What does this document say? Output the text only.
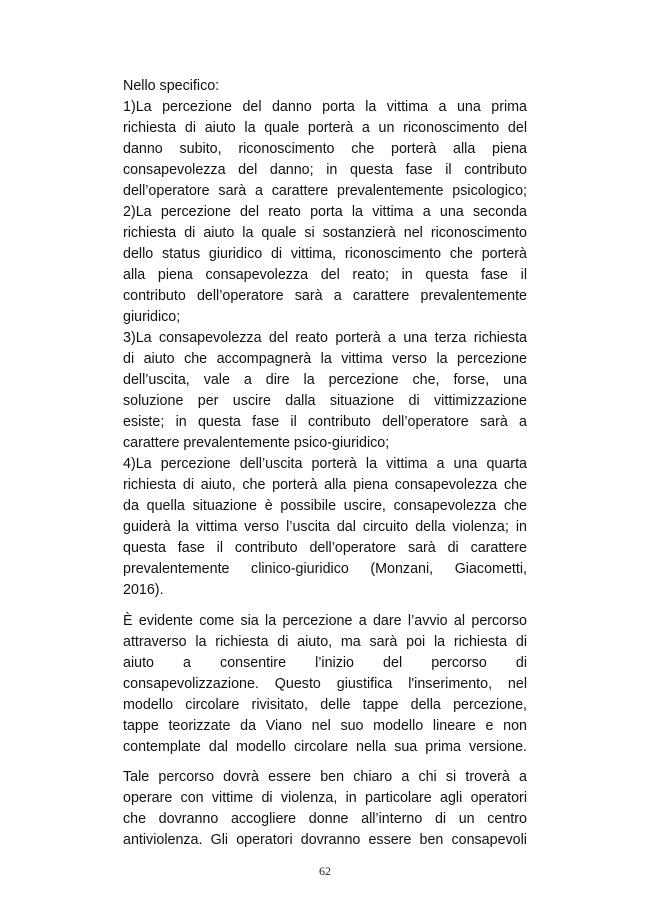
Nello specifico:
1)La percezione del danno porta la vittima a una prima
richiesta di aiuto la quale porterà a un riconoscimento del
danno subito, riconoscimento che porterà alla piena
consapevolezza del danno; in questa fase il contributo
dell’operatore sarà a carattere prevalentemente psicologico;
2)La percezione del reato porta la vittima a una seconda
richiesta di aiuto la quale si sostanzierà nel riconoscimento
dello status giuridico di vittima, riconoscimento che porterà
alla piena consapevolezza del reato; in questa fase il
contributo dell’operatore sarà a carattere prevalentemente
giuridico;
3)La consapevolezza del reato porterà a una terza richiesta
di aiuto che accompagnerà la vittima verso la percezione
dell’uscita, vale a dire la percezione che, forse, una
soluzione per uscire dalla situazione di vittimizzazione
esiste; in questa fase il contributo dell’operatore sarà a
carattere prevalentemente psico-giuridico;
4)La percezione dell’uscita porterà la vittima a una quarta
richiesta di aiuto, che porterà alla piena consapevolezza che
da quella situazione è possibile uscire, consapevolezza che
guiderà la vittima verso l’uscita dal circuito della violenza; in
questa fase il contributo dell’operatore sarà di carattere
prevalentemente clinico-giuridico (Monzani, Giacometti,
2016).
È evidente come sia la percezione a dare l’avvio al percorso
attraverso la richiesta di aiuto, ma sarà poi la richiesta di
aiuto a consentire l’inizio del percorso di
consapevolizzazione. Questo giustifica l'inserimento, nel
modello circolare rivisitato, delle tappe della percezione,
tappe teorizzate da Viano nel suo modello lineare e non
contemplate dal modello circolare nella sua prima versione.
Tale percorso dovrà essere ben chiaro a chi si troverà a
operare con vittime di violenza, in particolare agli operatori
che dovranno accogliere donne all’interno di un centro
antiviolenza. Gli operatori dovranno essere ben consapevoli
62
